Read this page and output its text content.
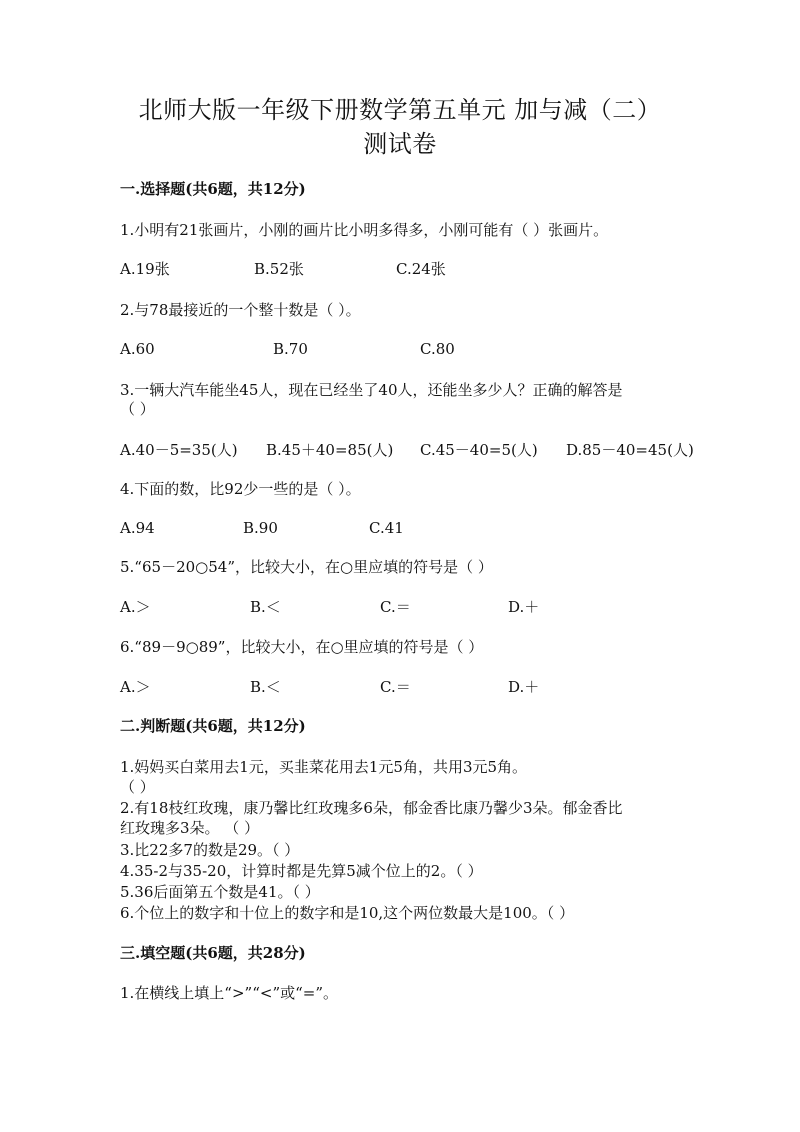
北师大版一年级下册数学第五单元 加与减（二）
测试卷
一.选择题(共6题，共12分)
1.小明有21张画片，小刚的画片比小明多得多，小刚可能有（ ）张画片。
A.19张	B.52张	C.24张
2.与78最接近的一个整十数是（ ）。
A.60	B.70	C.80
3.一辆大汽车能坐45人，现在已经坐了40人，还能坐多少人？正确的解答是
（ ）
A.40－5=35(人) B.45＋40=85(人) C.45－40=5(人) D.85－40=45(人)
4.下面的数，比92少一些的是（ ）。
A.94	B.90	C.41
5.“65－20○54”，比较大小，在○里应填的符号是（ ）
A.＞	B.＜	C.＝	D.＋
6.“89－9○89”，比较大小，在○里应填的符号是（ ）
A.＞	B.＜	C.＝	D.＋
二.判断题(共6题，共12分)
1.妈妈买白菜用去1元，买韭菜花用去1元5角，共用3元5角。
（ ）
2.有18枝红玫瑰，康乃馨比红玫瑰多6朵，郁金香比康乃馨少3朵。郁金香比
红玫瑰多3朵。 （ ）
3.比22多7的数是29。（ ）
4.35-2与35-20，计算时都是先算5减个位上的2。（ ）
5.36后面第五个数是41。（ ）
6.个位上的数字和十位上的数字和是10,这个两位数最大是100。（ ）
三.填空题(共6题，共28分)
1.在横线上填上“>”“<”或“=”。
